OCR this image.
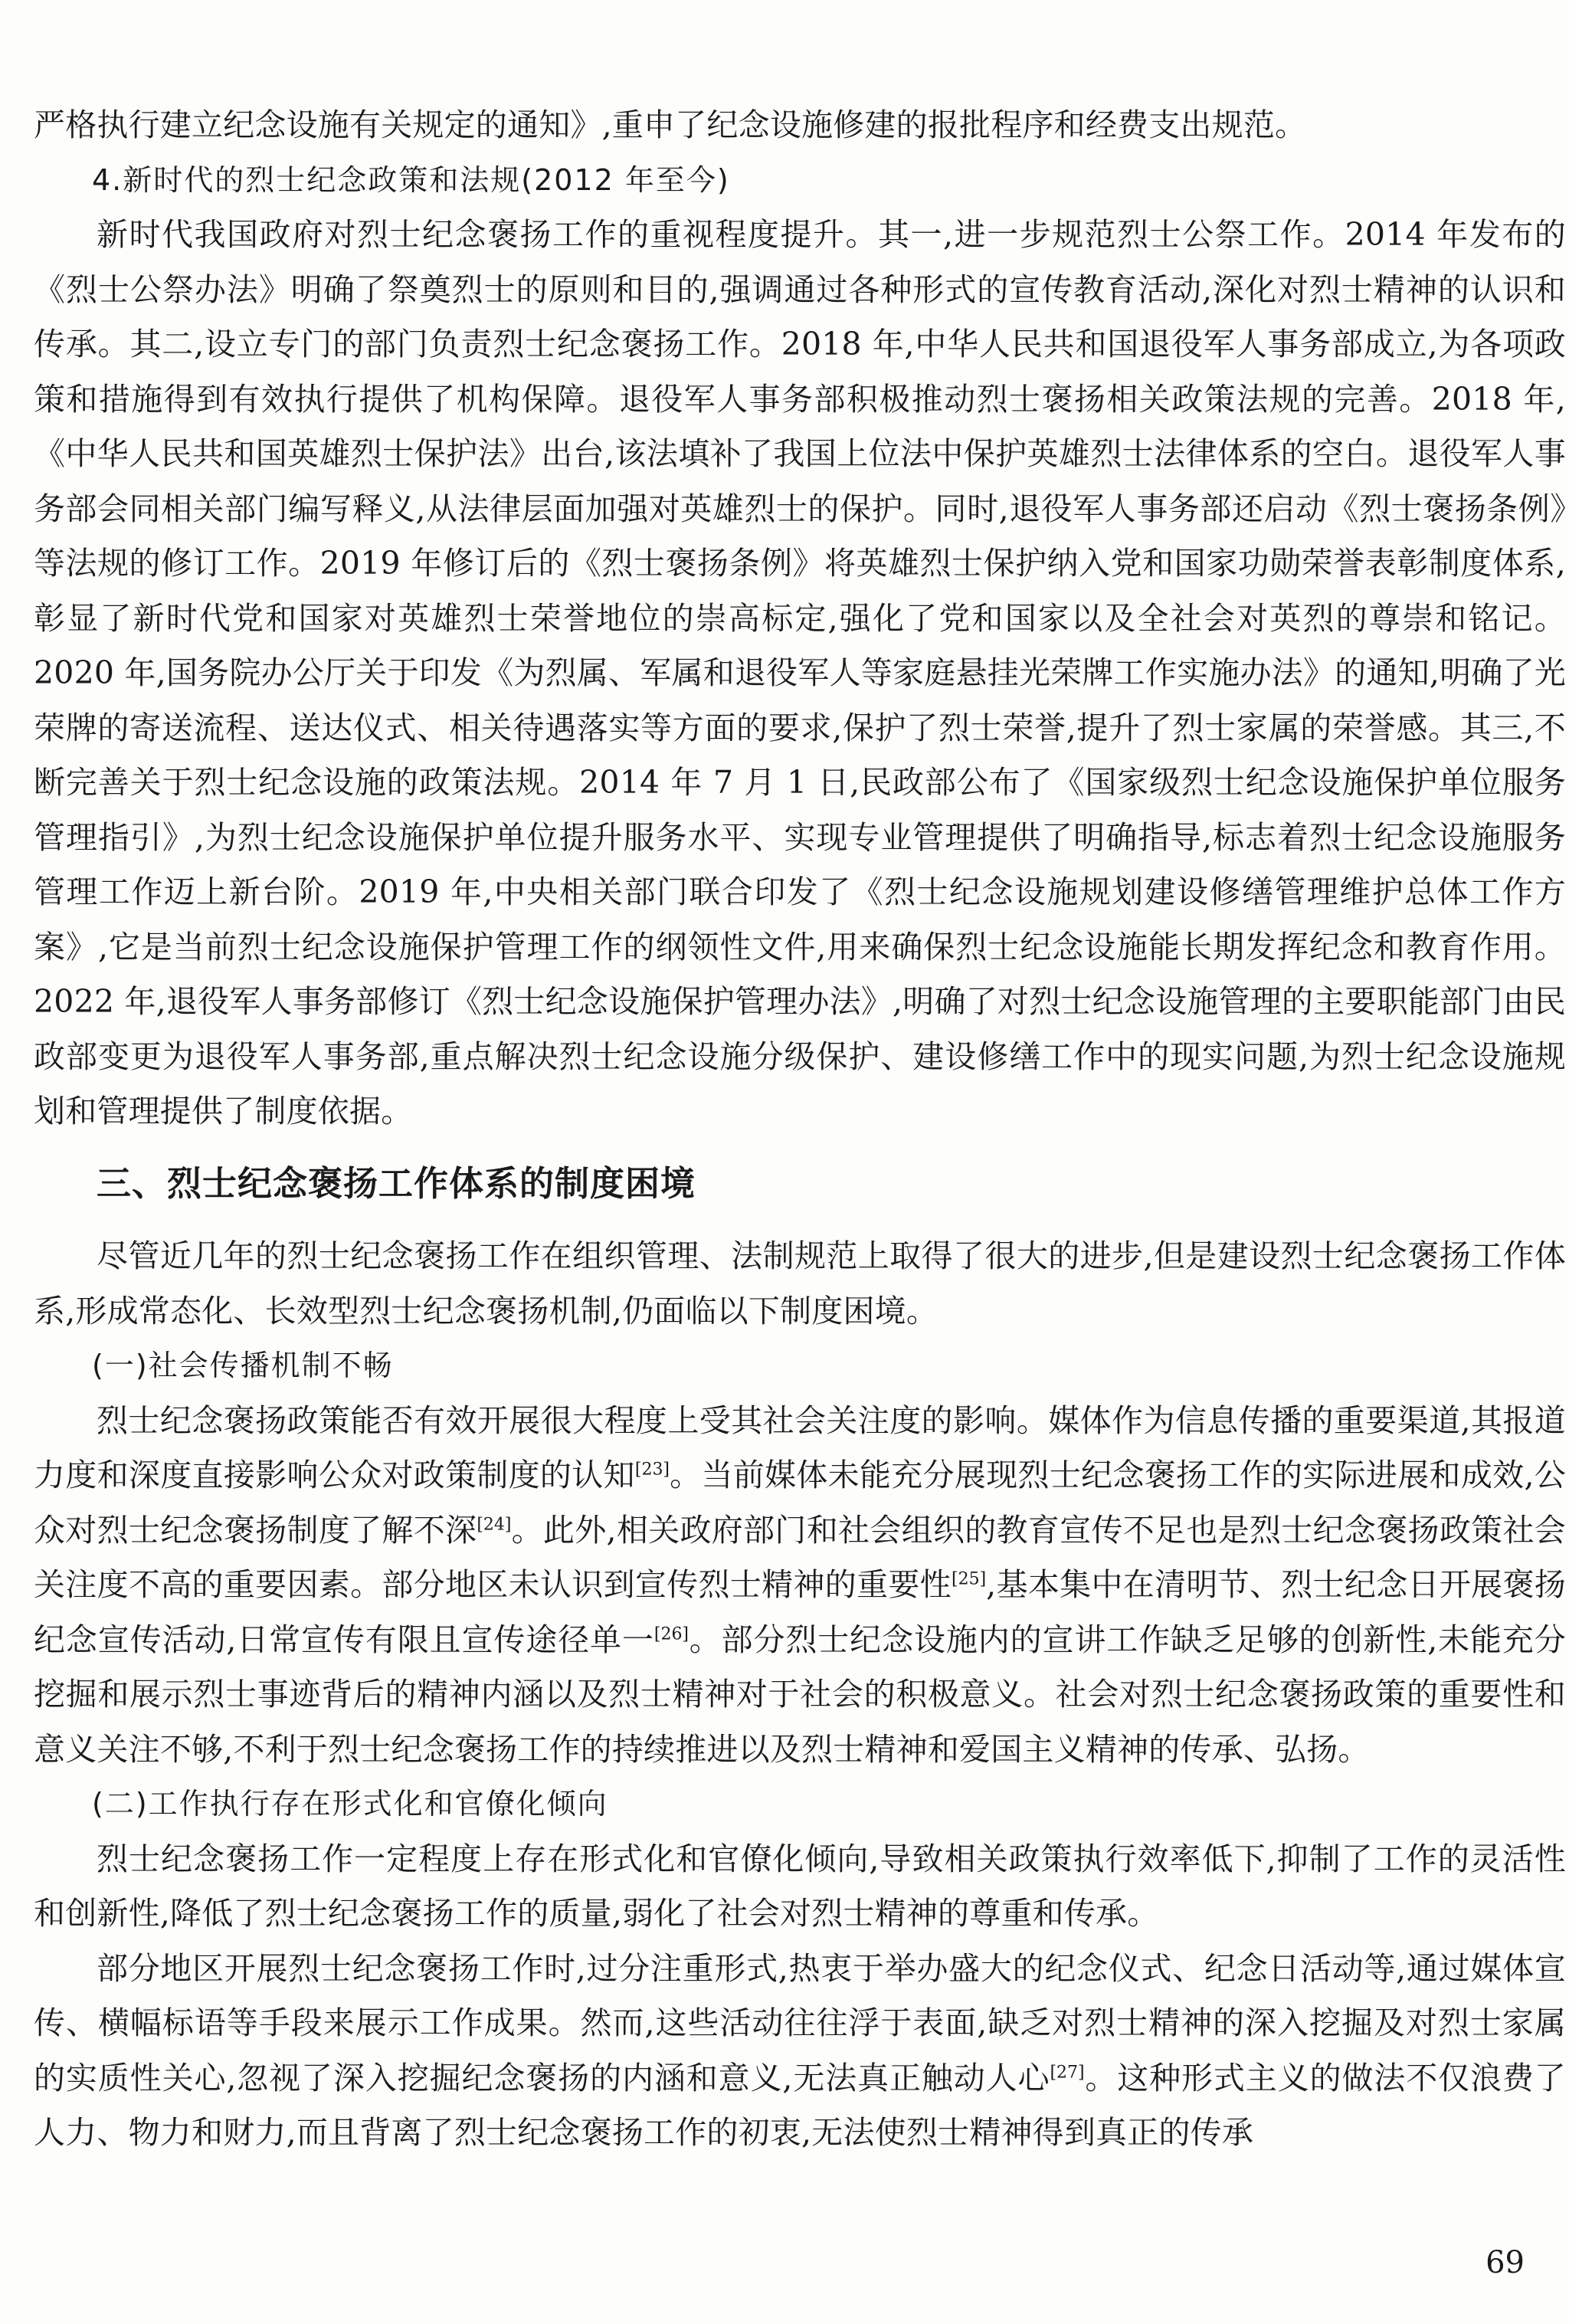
严格执行建立纪念设施有关规定的通知》,重申了纪念设施修建的报批程序和经费支出规范。

4.新时代的烈士纪念政策和法规(2012 年至今)

新时代我国政府对烈士纪念褒扬工作的重视程度提升。其一,进一步规范烈士公祭工作。2014 年发布的《烈士公祭办法》明确了祭奠烈士的原则和目的,强调通过各种形式的宣传教育活动,深化对烈士精神的认识和传承。其二,设立专门的部门负责烈士纪念褒扬工作。2018 年,中华人民共和国退役军人事务部成立,为各项政策和措施得到有效执行提供了机构保障。退役军人事务部积极推动烈士褒扬相关政策法规的完善。2018 年,《中华人民共和国英雄烈士保护法》出台,该法填补了我国上位法中保护英雄烈士法律体系的空白。退役军人事务部会同相关部门编写释义,从法律层面加强对英雄烈士的保护。同时,退役军人事务部还启动《烈士褒扬条例》等法规的修订工作。2019 年修订后的《烈士褒扬条例》将英雄烈士保护纳入党和国家功勋荣誉表彰制度体系,彰显了新时代党和国家对英雄烈士荣誉地位的崇高标定,强化了党和国家以及全社会对英烈的尊崇和铭记。2020 年,国务院办公厅关于印发《为烈属、军属和退役军人等家庭悬挂光荣牌工作实施办法》的通知,明确了光荣牌的寄送流程、送达仪式、相关待遇落实等方面的要求,保护了烈士荣誉,提升了烈士家属的荣誉感。其三,不断完善关于烈士纪念设施的政策法规。2014 年 7 月 1 日,民政部公布了《国家级烈士纪念设施保护单位服务管理指引》,为烈士纪念设施保护单位提升服务水平、实现专业管理提供了明确指导,标志着烈士纪念设施服务管理工作迈上新台阶。2019 年,中央相关部门联合印发了《烈士纪念设施规划建设修缮管理维护总体工作方案》,它是当前烈士纪念设施保护管理工作的纲领性文件,用来确保烈士纪念设施能长期发挥纪念和教育作用。2022 年,退役军人事务部修订《烈士纪念设施保护管理办法》,明确了对烈士纪念设施管理的主要职能部门由民政部变更为退役军人事务部,重点解决烈士纪念设施分级保护、建设修缮工作中的现实问题,为烈士纪念设施规划和管理提供了制度依据。

三、烈士纪念褒扬工作体系的制度困境

尽管近几年的烈士纪念褒扬工作在组织管理、法制规范上取得了很大的进步,但是建设烈士纪念褒扬工作体系,形成常态化、长效型烈士纪念褒扬机制,仍面临以下制度困境。

(一)社会传播机制不畅

烈士纪念褒扬政策能否有效开展很大程度上受其社会关注度的影响。媒体作为信息传播的重要渠道,其报道力度和深度直接影响公众对政策制度的认知[23]。当前媒体未能充分展现烈士纪念褒扬工作的实际进展和成效,公众对烈士纪念褒扬制度了解不深[24]。此外,相关政府部门和社会组织的教育宣传不足也是烈士纪念褒扬政策社会关注度不高的重要因素。部分地区未认识到宣传烈士精神的重要性[25],基本集中在清明节、烈士纪念日开展褒扬纪念宣传活动,日常宣传有限且宣传途径单一[26]。部分烈士纪念设施内的宣讲工作缺乏足够的创新性,未能充分挖掘和展示烈士事迹背后的精神内涵以及烈士精神对于社会的积极意义。社会对烈士纪念褒扬政策的重要性和意义关注不够,不利于烈士纪念褒扬工作的持续推进以及烈士精神和爱国主义精神的传承、弘扬。

(二)工作执行存在形式化和官僚化倾向

烈士纪念褒扬工作一定程度上存在形式化和官僚化倾向,导致相关政策执行效率低下,抑制了工作的灵活性和创新性,降低了烈士纪念褒扬工作的质量,弱化了社会对烈士精神的尊重和传承。

部分地区开展烈士纪念褒扬工作时,过分注重形式,热衷于举办盛大的纪念仪式、纪念日活动等,通过媒体宣传、横幅标语等手段来展示工作成果。然而,这些活动往往浮于表面,缺乏对烈士精神的深入挖掘及对烈士家属的实质性关心,忽视了深入挖掘纪念褒扬的内涵和意义,无法真正触动人心[27]。这种形式主义的做法不仅浪费了人力、物力和财力,而且背离了烈士纪念褒扬工作的初衷,无法使烈士精神得到真正的传承

69
